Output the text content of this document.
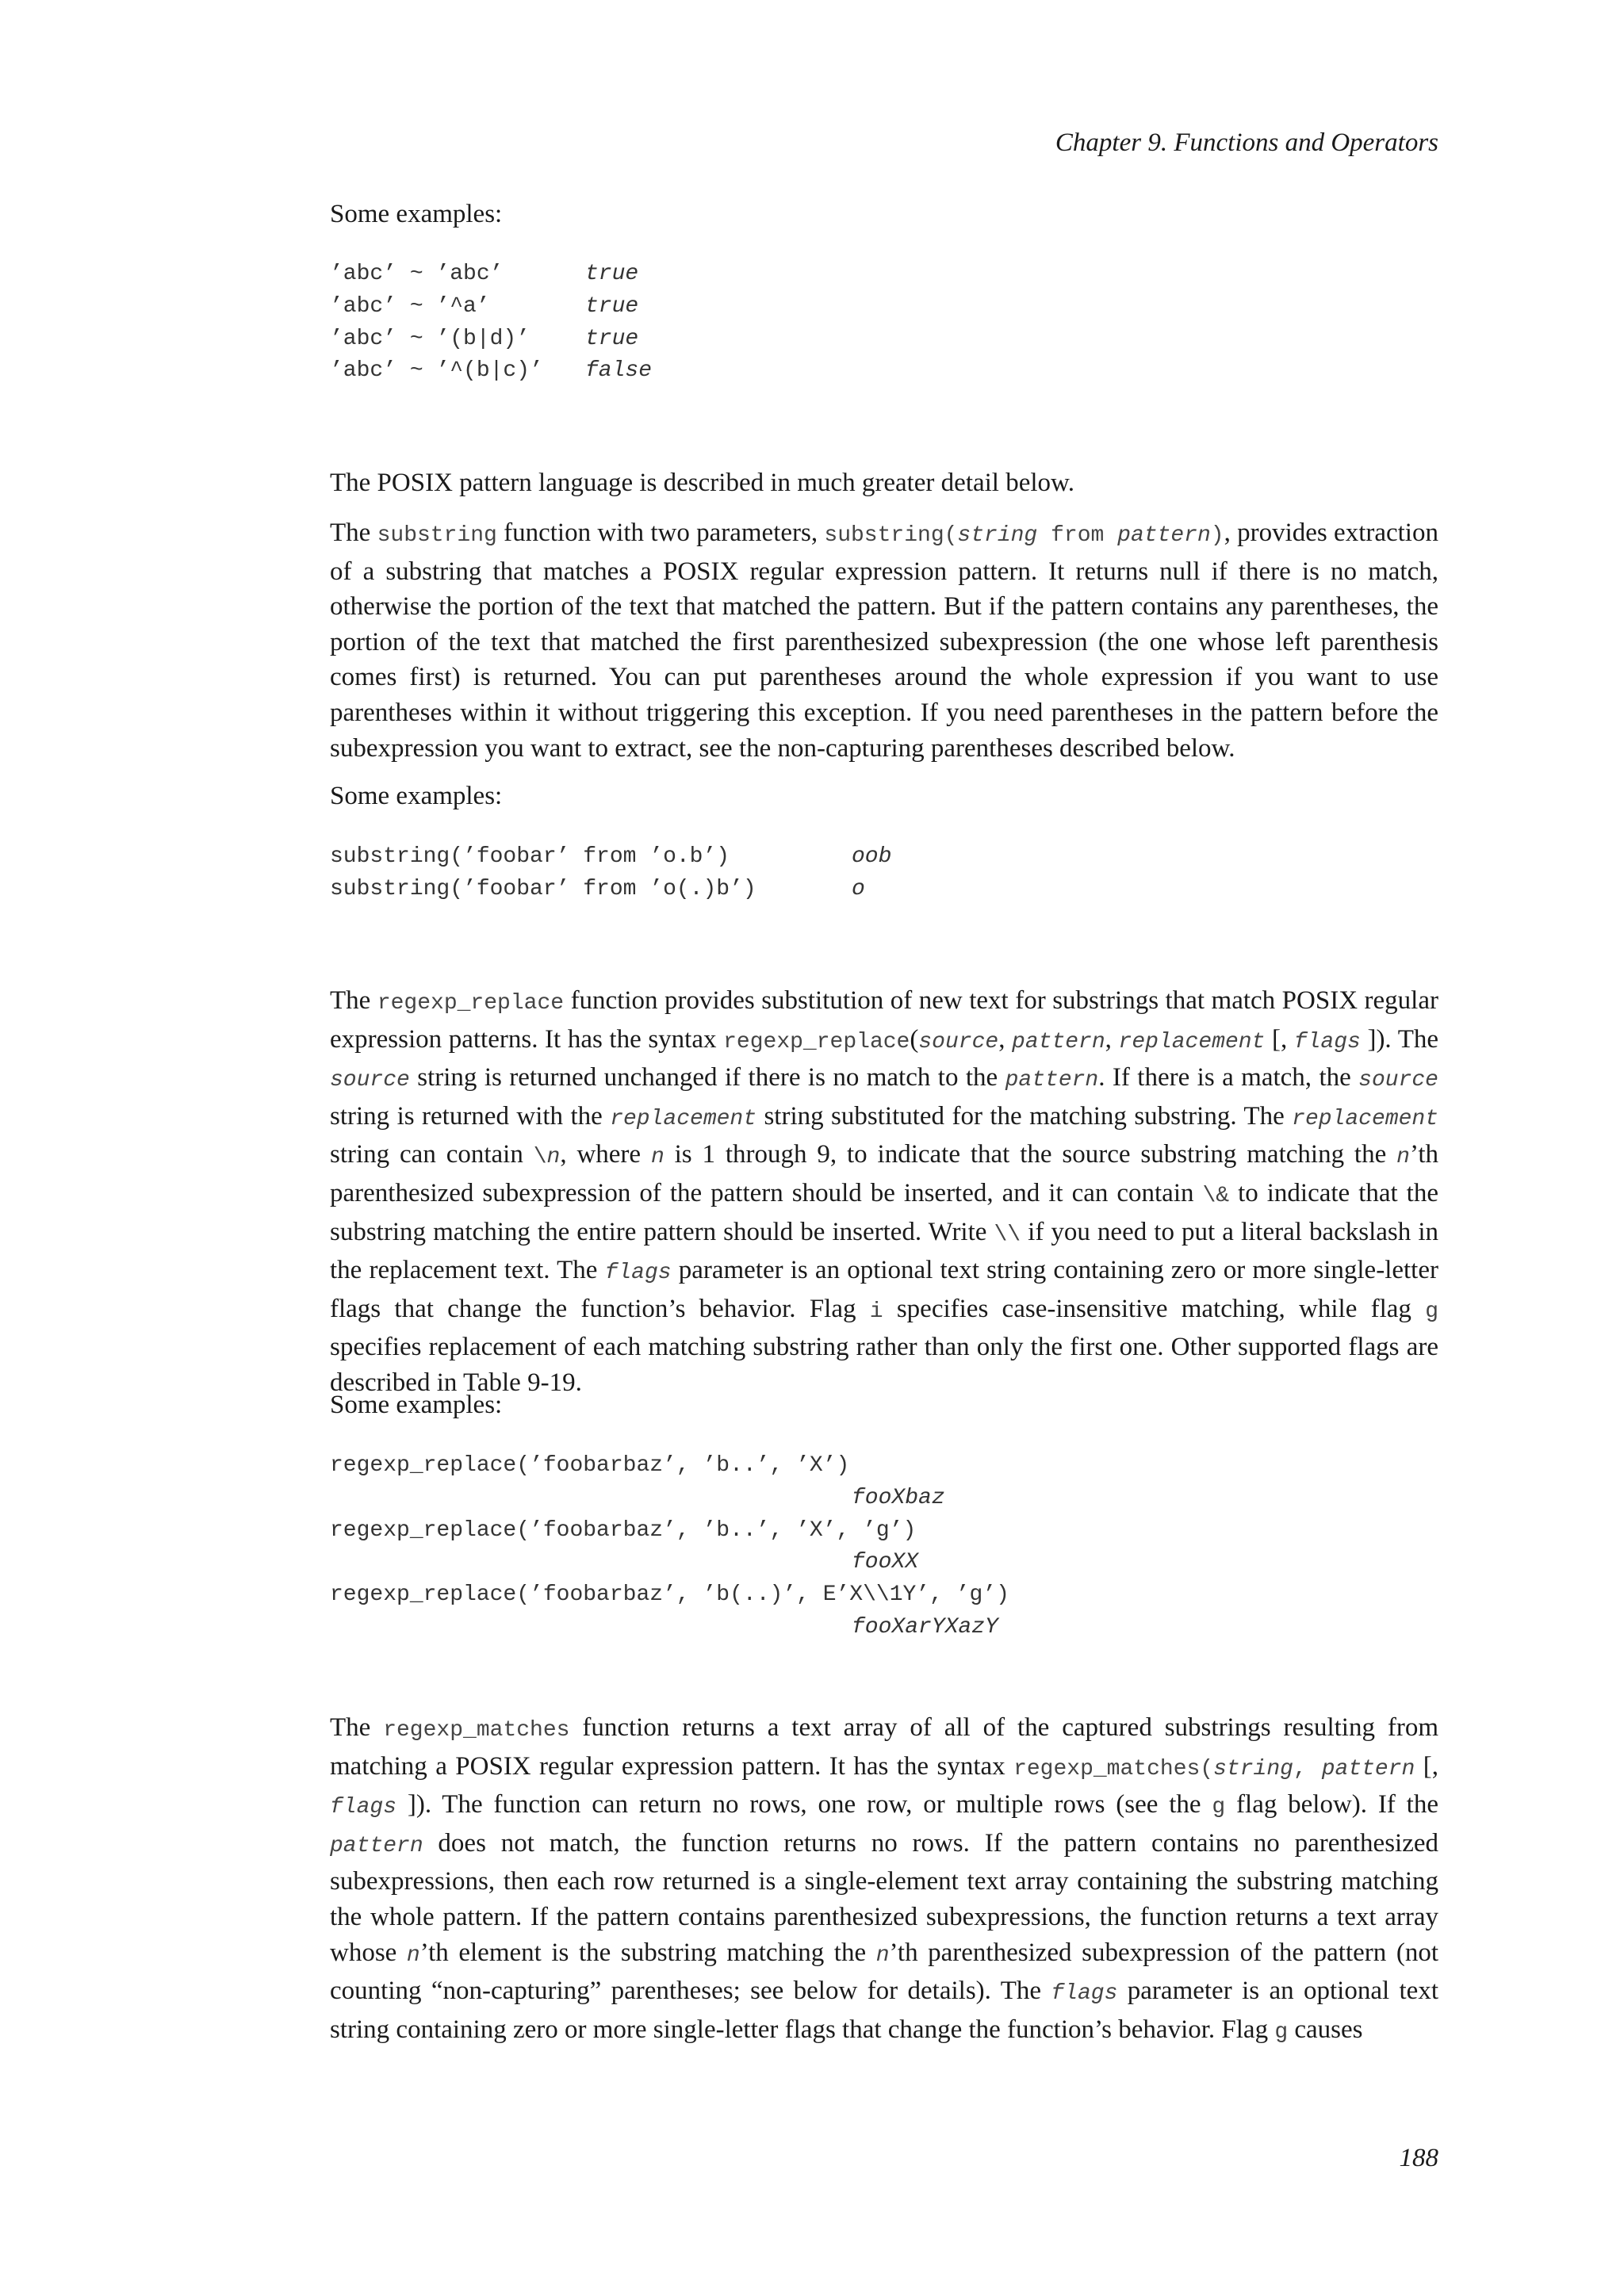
Chapter 9. Functions and Operators

Some examples:

’abc’ ~ ’abc’	true
’abc’ ~ ’^a’	true
’abc’ ~ ’(b|d)’ true
’abc’ ~ ’^(b|c)’ false

The POSIX pattern language is described in much greater detail below.

The substring function with two parameters, substring(string from pattern), provides extraction of a substring that matches a POSIX regular expression pattern. It returns null if there is no match, otherwise the portion of the text that matched the pattern. But if the pattern contains any parentheses, the portion of the text that matched the first parenthesized subexpression (the one whose left parenthesis comes first) is returned. You can put parentheses around the whole expression if you want to use parentheses within it without triggering this exception. If you need parentheses in the pattern before the subexpression you want to extract, see the non-capturing parentheses described below.

Some examples:

substring(’foobar’ from ’o.b’)	oob
substring(’foobar’ from ’o(.)b’)	o

The regexp_replace function provides substitution of new text for substrings that match POSIX regular expression patterns. It has the syntax regexp_replace(source, pattern, replacement [, flags ]). The source string is returned unchanged if there is no match to the pattern. If there is a match, the source string is returned with the replacement string substituted for the matching substring. The replacement string can contain \n, where n is 1 through 9, to indicate that the source substring matching the n’th parenthesized subexpression of the pattern should be inserted, and it can contain \& to indicate that the substring matching the entire pattern should be inserted. Write \\ if you need to put a literal backslash in the replacement text. The flags parameter is an optional text string containing zero or more single-letter flags that change the function’s behavior. Flag i specifies case-insensitive matching, while flag g specifies replacement of each matching substring rather than only the first one. Other supported flags are described in Table 9-19.

Some examples:

regexp_replace(’foobarbaz’, ’b..’, ’X’)
fooXbaz
regexp_replace(’foobarbaz’, ’b..’, ’X’, ’g’)
fooXX
regexp_replace(’foobarbaz’, ’b(..)’, E’X\\1Y’, ’g’)
fooXarYXazY

The regexp_matches function returns a text array of all of the captured substrings resulting from matching a POSIX regular expression pattern. It has the syntax regexp_matches(string, pattern [, flags ]). The function can return no rows, one row, or multiple rows (see the g flag below). If the pattern does not match, the function returns no rows. If the pattern contains no parenthesized subexpressions, then each row returned is a single-element text array containing the substring matching the whole pattern. If the pattern contains parenthesized subexpressions, the function returns a text array whose n’th element is the substring matching the n’th parenthesized subexpression of the pattern (not counting “non-capturing” parentheses; see below for details). The flags parameter is an optional text string containing zero or more single-letter flags that change the function’s behavior. Flag g causes

188
